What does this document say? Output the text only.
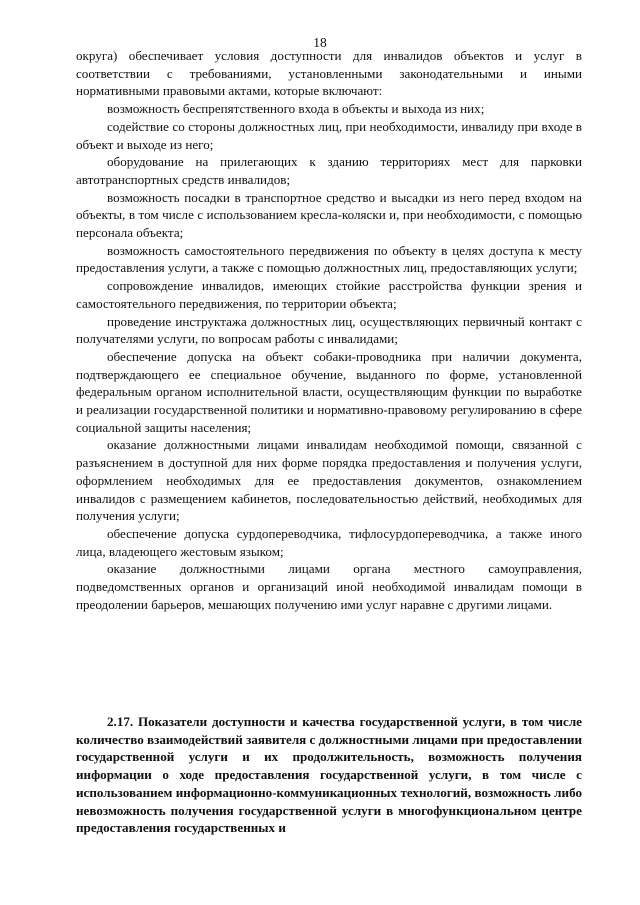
18

округа) обеспечивает условия доступности для инвалидов объектов и услуг в соответствии с требованиями, установленными законодательными и иными нормативными правовыми актами, которые включают:

возможность беспрепятственного входа в объекты и выхода из них;

содействие со стороны должностных лиц, при необходимости, инвалиду при входе в объект и выходе из него;

оборудование на прилегающих к зданию территориях мест для парковки автотранспортных средств инвалидов;

возможность посадки в транспортное средство и высадки из него перед входом на объекты, в том числе с использованием кресла-коляски и, при необходимости, с помощью персонала объекта;

возможность самостоятельного передвижения по объекту в целях доступа к месту предоставления услуги, а также с помощью должностных лиц, предоставляющих услуги;

сопровождение инвалидов, имеющих стойкие расстройства функции зрения и самостоятельного передвижения, по территории объекта;

проведение инструктажа должностных лиц, осуществляющих первичный контакт с получателями услуги, по вопросам работы с инвалидами;

обеспечение допуска на объект собаки-проводника при наличии документа, подтверждающего ее специальное обучение, выданного по форме, установленной федеральным органом исполнительной власти, осуществляющим функции по выработке и реализации государственной политики и нормативно-правовому регулированию в сфере социальной защиты населения;

оказание должностными лицами инвалидам необходимой помощи, связанной с разъяснением в доступной для них форме порядка предоставления и получения услуги, оформлением необходимых для ее предоставления документов, ознакомлением инвалидов с размещением кабинетов, последовательностью действий, необходимых для получения услуги;

обеспечение допуска сурдопереводчика, тифлосурдопереводчика, а также иного лица, владеющего жестовым языком;

оказание должностными лицами органа местного самоуправления, подведомственных органов и организаций иной необходимой инвалидам помощи в преодолении барьеров, мешающих получению ими услуг наравне с другими лицами.

2.17. Показатели доступности и качества государственной услуги, в том числе количество взаимодействий заявителя с должностными лицами при предоставлении государственной услуги и их продолжительность, возможность получения информации о ходе предоставления государственной услуги, в том числе с использованием информационно-коммуникационных технологий, возможность либо невозможность получения государственной услуги в многофункциональном центре предоставления государственных и
